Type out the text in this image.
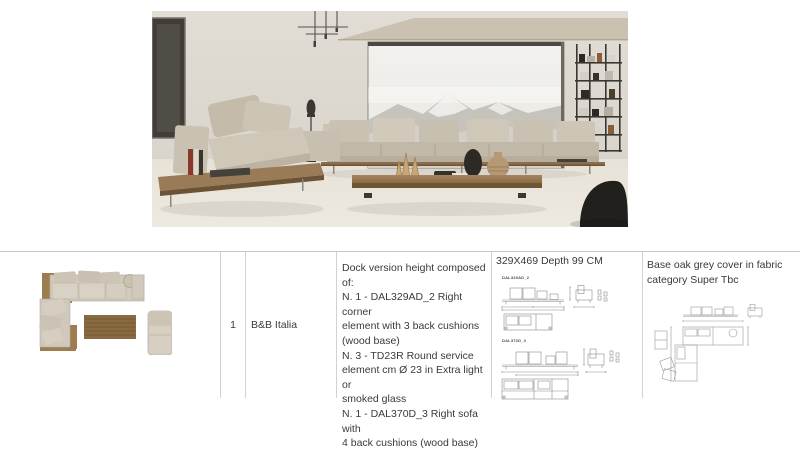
1 B&B Italia
Dock version height composed of:
N. 1 - DAL329AD_2 Right corner
element with 3 back cushions
(wood base)
N. 3 - TD23R Round service
element cm Ø 23 in Extra light or
smoked glass
N. 1 - DAL370D_3 Right sofa with
4 back cushions (wood base)
329X469 Depth 99 CM
DAL329AD_2
DAL370D_3
Base oak grey cover in fabric category Super Tbc
